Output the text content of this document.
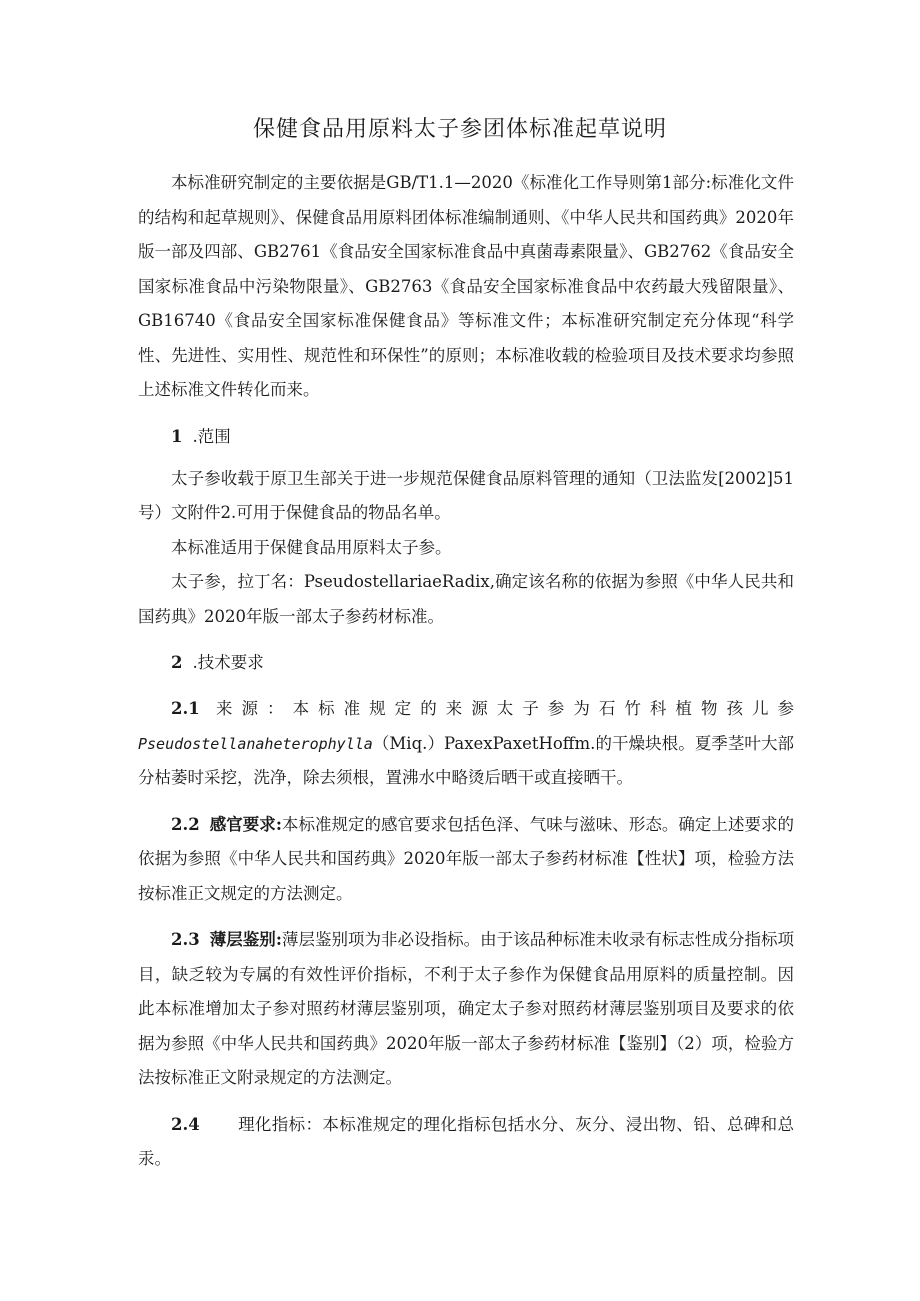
保健食品用原料太子参团体标准起草说明

本标准研究制定的主要依据是GB/T1.1—2020《标准化工作导则第1部分:标准化文件的结构和起草规则》、保健食品用原料团体标准编制通则、《中华人民共和国药典》2020年版一部及四部、GB2761《食品安全国家标准食品中真菌毒素限量》、GB2762《食品安全国家标准食品中污染物限量》、GB2763《食品安全国家标准食品中农药最大残留限量》、GB16740《食品安全国家标准保健食品》等标准文件；本标准研究制定充分体现“科学性、先进性、实用性、规范性和环保性”的原则；本标准收载的检验项目及技术要求均参照上述标准文件转化而来。

1 .范围

太子参收载于原卫生部关于进一步规范保健食品原料管理的通知（卫法监发[2002]51号）文附件2.可用于保健食品的物品名单。

本标准适用于保健食品用原料太子参。

太子参，拉丁名：PseudostellariaeRadix,确定该名称的依据为参照《中华人民共和国药典》2020年版一部太子参药材标准。

2 .技术要求

2.1 来源：本标准规定的来源太子参为石竹科植物孩儿参Pseudostellanaheterophylla（Miq.）PaxexPaxetHoffm.的干燥块根。夏季茎叶大部分枯萎时采挖，洗净，除去须根，置沸水中略烫后晒干或直接晒干。

2.2 感官要求:本标准规定的感官要求包括色泽、气味与滋味、形态。确定上述要求的依据为参照《中华人民共和国药典》2020年版一部太子参药材标准【性状】项，检验方法按标准正文规定的方法测定。

2.3 薄层鉴别:薄层鉴别项为非必设指标。由于该品种标准未收录有标志性成分指标项目，缺乏较为专属的有效性评价指标，不利于太子参作为保健食品用原料的质量控制。因此本标准增加太子参对照药材薄层鉴别项，确定太子参对照药材薄层鉴别项目及要求的依据为参照《中华人民共和国药典》2020年版一部太子参药材标准【鉴别】（2）项，检验方法按标准正文附录规定的方法测定。

2.4 理化指标：本标准规定的理化指标包括水分、灰分、浸出物、铅、总碑和总汞。
